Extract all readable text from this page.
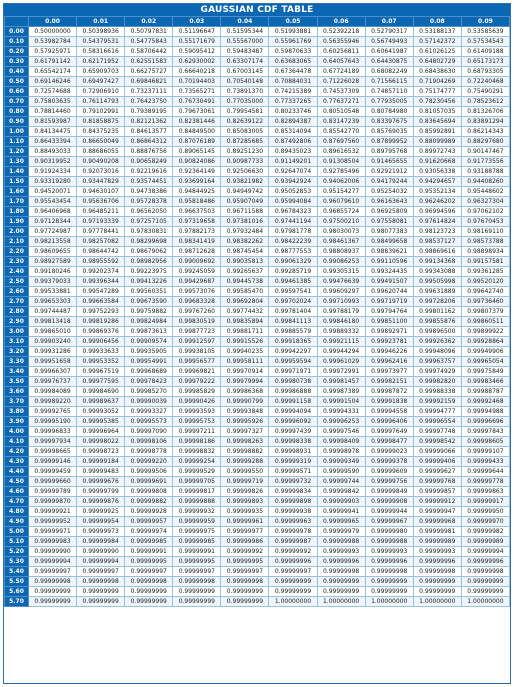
GAUSSIAN CDF TABLE
	0.00	0.01	0.02	0.03	0.04	0.05	0.06	0.07	0.08	0.09
0.00	0.50000000	0.50398936	0.50797831	0.51196647	0.51595344	0.51993881	0.52392218	0.52790317	0.53188137	0.53585639
0.10	0.53982784	0.54379531	0.54775843	0.55171679	0.55567000	0.55961769	0.56355946	0.56749493	0.57142372	0.57534543
0.20	0.57925971	0.58316616	0.58706442	0.59095412	0.59483487	0.59870633	0.60256811	0.60641987	0.61026125	0.61409188
0.30	0.61791142	0.62171952	0.62551583	0.62930002	0.63307174	0.63683065	0.64057643	0.64430875	0.64802729	0.65173173
0.40	0.65542174	0.65909703	0.66275727	0.66640218	0.67003145	0.67364478	0.67724189	0.68082249	0.68438630	0.68793305
0.50	0.69146246	0.69497427	0.69846821	0.70194403	0.70540148	0.70884031	0.71226028	0.71566115	0.71904269	0.72240468
0.60	0.72574688	0.72906910	0.73237111	0.73565271	0.73891370	0.74215389	0.74537309	0.74857110	0.75174777	0.75490291
0.70	0.75803635	0.76114793	0.76423750	0.76730491	0.77035000	0.77337265	0.77637271	0.77935005	0.78230456	0.78523612
0.80	0.78814460	0.79102991	0.79389195	0.79673061	0.79954581	0.80233746	0.80510548	0.80784980	0.81057035	0.81326706
0.90	0.81593987	0.81858875	0.82121362	0.82381446	0.82639122	0.82894387	0.83147239	0.83397675	0.83645694	0.83891294
1.00	0.84134475	0.84375235	0.84613577	0.84849500	0.85083005	0.85314094	0.85542770	0.85769035	0.85992891	0.86214343
1.10	0.86433394	0.86650049	0.86864312	0.87076189	0.87285685	0.87492806	0.87697560	0.87899952	0.88099989	0.88297680
1.20	0.88493033	0.88686055	0.88876756	0.89065145	0.89251230	0.89435023	0.89616532	0.89795768	0.89972743	0.90147467
1.30	0.90319952	0.90490208	0.90658249	0.90824086	0.90987733	0.91149201	0.91308504	0.91465655	0.91620668	0.91773556
1.40	0.91924334	0.92073016	0.92219616	0.92364149	0.92506630	0.92647074	0.92785496	0.92921912	0.93056338	0.93188788
1.50	0.93319280	0.93447829	0.93574451	0.93699164	0.93821982	0.93942924	0.94062006	0.94179244	0.94294657	0.94408260
1.60	0.94520071	0.94630107	0.94738386	0.94844925	0.94949742	0.95052853	0.95154277	0.95254032	0.95352134	0.95448602
1.70	0.95543454	0.95636706	0.95728378	0.95818486	0.95907049	0.95994084	0.96079610	0.96163643	0.96246202	0.96327304
1.80	0.96406968	0.96485211	0.96562050	0.96637503	0.96711588	0.96784323	0.96855724	0.96925809	0.96994596	0.97062102
1.90	0.97128344	0.97193339	0.97257105	0.97319658	0.97381016	0.97441194	0.97500210	0.97558081	0.97614824	0.97670453
2.00	0.97724987	0.97778441	0.97830831	0.97882173	0.97932484	0.97981778	0.98030073	0.98077383	0.98123723	0.98169110
2.10	0.98213558	0.98257082	0.98299698	0.98341419	0.98382262	0.98422239	0.98461367	0.98499658	0.98537127	0.98573788
2.20	0.98609655	0.98644742	0.98679062	0.98712628	0.98745454	0.98777553	0.98808937	0.98839621	0.98869616	0.98898934
2.30	0.98927589	0.98955592	0.98982956	0.99009692	0.99035813	0.99061329	0.99086253	0.99110596	0.99134368	0.99157581
2.40	0.99180246	0.99202374	0.99223975	0.99245059	0.99265637	0.99285719	0.99305315	0.99324435	0.99343088	0.99361285
2.50	0.99379033	0.99396344	0.99413226	0.99429687	0.99445738	0.99461385	0.99476639	0.99491507	0.99505998	0.99520120
2.60	0.99533881	0.99547289	0.99560351	0.99573076	0.99585470	0.99597541	0.99609297	0.99620744	0.99631889	0.99642740
2.70	0.99653303	0.99663584	0.99673590	0.99683328	0.99692804	0.99702024	0.99710993	0.99719719	0.99728206	0.99736460
2.80	0.99744487	0.99752293	0.99759882	0.99767260	0.99774432	0.99781404	0.99788179	0.99794764	0.99801162	0.99807379
2.90	0.99813418	0.99819286	0.99824984	0.99830519	0.99835894	0.99841113	0.99846180	0.99851100	0.99855876	0.99860511
3.00	0.99865010	0.99869376	0.99873613	0.99877723	0.99881711	0.99885579	0.99889332	0.99892971	0.99896500	0.99899922
3.10	0.99903240	0.99906456	0.99909574	0.99912597	0.99915526	0.99918365	0.99921115	0.99923781	0.99926362	0.99928864
3.20	0.99931286	0.99933633	0.99935905	0.99938105	0.99940235	0.99942297	0.99944294	0.99946226	0.99948096	0.99949906
3.30	0.99951658	0.99953352	0.99954991	0.99956577	0.99958111	0.99959594	0.99961029	0.99962416	0.99963757	0.99965054
3.40	0.99966307	0.99967519	0.99968689	0.99969821	0.99970914	0.99971971	0.99972991	0.99973977	0.99974929	0.99975849
3.50	0.99976737	0.99977595	0.99978423	0.99979222	0.99979994	0.99980738	0.99981457	0.99982151	0.99982820	0.99983466
3.60	0.99984089	0.99984690	0.99985270	0.99985829	0.99986368	0.99986888	0.99987389	0.99987872	0.99988338	0.99988787
3.70	0.99989220	0.99989637	0.99990039	0.99990426	0.99990799	0.99991158	0.99991504	0.99991838	0.99992159	0.99992468
3.80	0.99992765	0.99993052	0.99993327	0.99993593	0.99993848	0.99994094	0.99994331	0.99994558	0.99994777	0.99994988
3.90	0.99995190	0.99995385	0.99995573	0.99995753	0.99995926	0.99996092	0.99996253	0.99996406	0.99996554	0.99996696
4.00	0.99996833	0.99996964	0.99997090	0.99997211	0.99997327	0.99997439	0.99997546	0.99997649	0.99997748	0.99997843
4.10	0.99997934	0.99998022	0.99998106	0.99998186	0.99998263	0.99998338	0.99998409	0.99998477	0.99998542	0.99998605
4.20	0.99998665	0.99998723	0.99998778	0.99998832	0.99998882	0.99998931	0.99998978	0.99999023	0.99999066	0.99999107
4.30	0.99999146	0.99999184	0.99999220	0.99999254	0.99999288	0.99999319	0.99999349	0.99999378	0.99999406	0.99999433
4.40	0.99999459	0.99999483	0.99999506	0.99999529	0.99999550	0.99999571	0.99999590	0.99999609	0.99999627	0.99999644
4.50	0.99999660	0.99999676	0.99999691	0.99999705	0.99999719	0.99999732	0.99999744	0.99999756	0.99999768	0.99999778
4.60	0.99999789	0.99999799	0.99999808	0.99999817	0.99999826	0.99999834	0.99999842	0.99999849	0.99999857	0.99999863
4.70	0.99999870	0.99999876	0.99999882	0.99999888	0.99999893	0.99999898	0.99999903	0.99999908	0.99999912	0.99999917
4.80	0.99999921	0.99999925	0.99999928	0.99999932	0.99999935	0.99999938	0.99999941	0.99999944	0.99999947	0.99999950
4.90	0.99999952	0.99999954	0.99999957	0.99999959	0.99999961	0.99999963	0.99999965	0.99999967	0.99999968	0.99999970
5.00	0.99999971	0.99999973	0.99999974	0.99999975	0.99999977	0.99999978	0.99999979	0.99999980	0.99999981	0.99999982
5.10	0.99999983	0.99999984	0.99999985	0.99999985	0.99999986	0.99999987	0.99999988	0.99999988	0.99999989	0.99999989
5.20	0.99999990	0.99999990	0.99999991	0.99999991	0.99999992	0.99999992	0.99999993	0.99999993	0.99999993	0.99999994
5.30	0.99999994	0.99999994	0.99999995	0.99999995	0.99999995	0.99999996	0.99999996	0.99999996	0.99999996	0.99999996
5.40	0.99999997	0.99999997	0.99999997	0.99999997	0.99999997	0.99999997	0.99999998	0.99999998	0.99999998	0.99999998
5.50	0.99999998	0.99999998	0.99999998	0.99999998	0.99999998	0.99999999	0.99999999	0.99999999	0.99999999	0.99999999
5.60	0.99999999	0.99999999	0.99999999	0.99999999	0.99999999	0.99999999	0.99999999	0.99999999	0.99999999	0.99999999
5.70	0.99999999	0.99999999	0.99999999	0.99999999	0.99999999	1.00000000	1.00000000	1.00000000	1.00000000	1.00000000
